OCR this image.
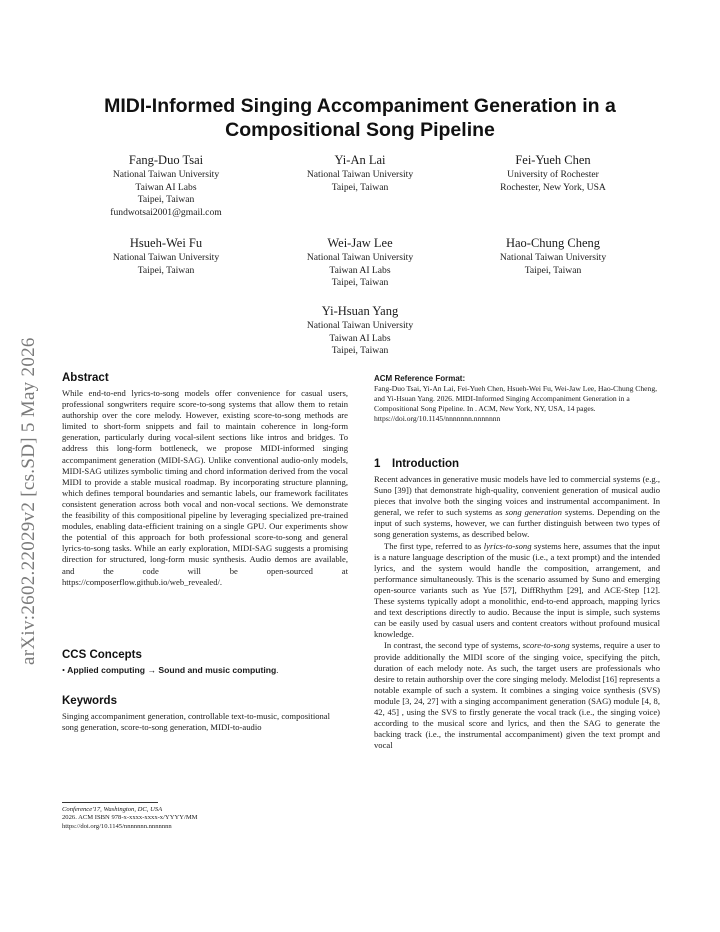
arXiv:2602.22029v2 [cs.SD] 5 May 2026
MIDI-Informed Singing Accompaniment Generation in a Compositional Song Pipeline
Fang-Duo Tsai
National Taiwan University
Taiwan AI Labs
Taipei, Taiwan
fundwotsai2001@gmail.com
Yi-An Lai
National Taiwan University
Taipei, Taiwan
Fei-Yueh Chen
University of Rochester
Rochester, New York, USA
Hsueh-Wei Fu
National Taiwan University
Taipei, Taiwan
Wei-Jaw Lee
National Taiwan University
Taiwan AI Labs
Taipei, Taiwan
Hao-Chung Cheng
National Taiwan University
Taipei, Taiwan
Yi-Hsuan Yang
National Taiwan University
Taiwan AI Labs
Taipei, Taiwan
Abstract

While end-to-end lyrics-to-song models offer convenience for casual users, professional songwriters require score-to-song systems that allow them to retain authorship over the core melody. However, existing score-to-song methods are limited to short-form snippets and fail to maintain coherence in long-form generation, particularly during vocal-silent sections like intros and bridges. To address this long-form bottleneck, we propose MIDI-informed singing accompaniment generation (MIDI-SAG). Unlike conventional audio-only models, MIDI-SAG utilizes symbolic timing and chord information derived from the vocal MIDI to provide a stable musical roadmap. By incorporating structure planning, which defines temporal boundaries and semantic labels, our framework facilitates consistent generation across both vocal and non-vocal sections. We demonstrate the feasibility of this compositional pipeline by leveraging specialized pre-trained modules, enabling data-efficient training on a single GPU. Our experiments show the potential of this approach for both professional score-to-song and general lyrics-to-song tasks. While an early exploration, MIDI-SAG suggests a promising direction for structured, long-form music synthesis. Audio demos are available, and the code will be open-sourced at https://composerflow.github.io/web_revealed/.

CCS Concepts
• Applied computing → Sound and music computing.
Keywords

Singing accompaniment generation, controllable text-to-music, compositional song generation, score-to-song generation, MIDI-to-audio

Conference'17, Washington, DC, USA
2026. ACM ISBN 978-x-xxxx-xxxx-x/YYYY/MM
https://doi.org/10.1145/nnnnnnn.nnnnnnn
ACM Reference Format:
Fang-Duo Tsai, Yi-An Lai, Fei-Yueh Chen, Hsueh-Wei Fu, Wei-Jaw Lee, Hao-Chung Cheng, and Yi-Hsuan Yang. 2026. MIDI-Informed Singing Accompaniment Generation in a Compositional Song Pipeline. In . ACM, New York, NY, USA, 14 pages. https://doi.org/10.1145/nnnnnnn.nnnnnnn
1 Introduction

Recent advances in generative music models have led to commercial systems (e.g., Suno [39]) that demonstrate high-quality, convenient generation of musical audio pieces that involve both the singing voices and instrumental accompaniment. In general, we refer to such systems as song generation systems. Depending on the input of such systems, however, we can further distinguish between two types of song generation systems, as described below.

The first type, referred to as lyrics-to-song systems here, assumes that the input is a nature language description of the music (i.e., a text prompt) and the intended lyrics, and the system would handle the composition, arrangement, and performance simultaneously. This is the scenario assumed by Suno and emerging open-source variants such as Yue [57], DiffRhythm [29], and ACE-Step [12]. These systems typically adopt a monolithic, end-to-end approach, mapping lyrics and text descriptions directly to audio. Because the input is simple, such systems can be easily used by casual users and content creators without profound musical knowledge.

In contrast, the second type of systems, score-to-song systems, require a user to provide additionally the MIDI score of the singing voice, specifying the pitch, duration of each melody note. As such, the target users are professionals who desire to retain authorship over the core singing melody. Melodist [16] represents a notable example of such a system. It combines a singing voice synthesis (SVS) module [3, 24, 27] with a singing accompaniment generation (SAG) module [4, 8, 42, 45] , using the SVS to firstly generate the vocal track (i.e., the singing voice) according to the musical score and lyrics, and then the SAG to generate the backing track (i.e., the instrumental accompaniment) given the text prompt and vocal
